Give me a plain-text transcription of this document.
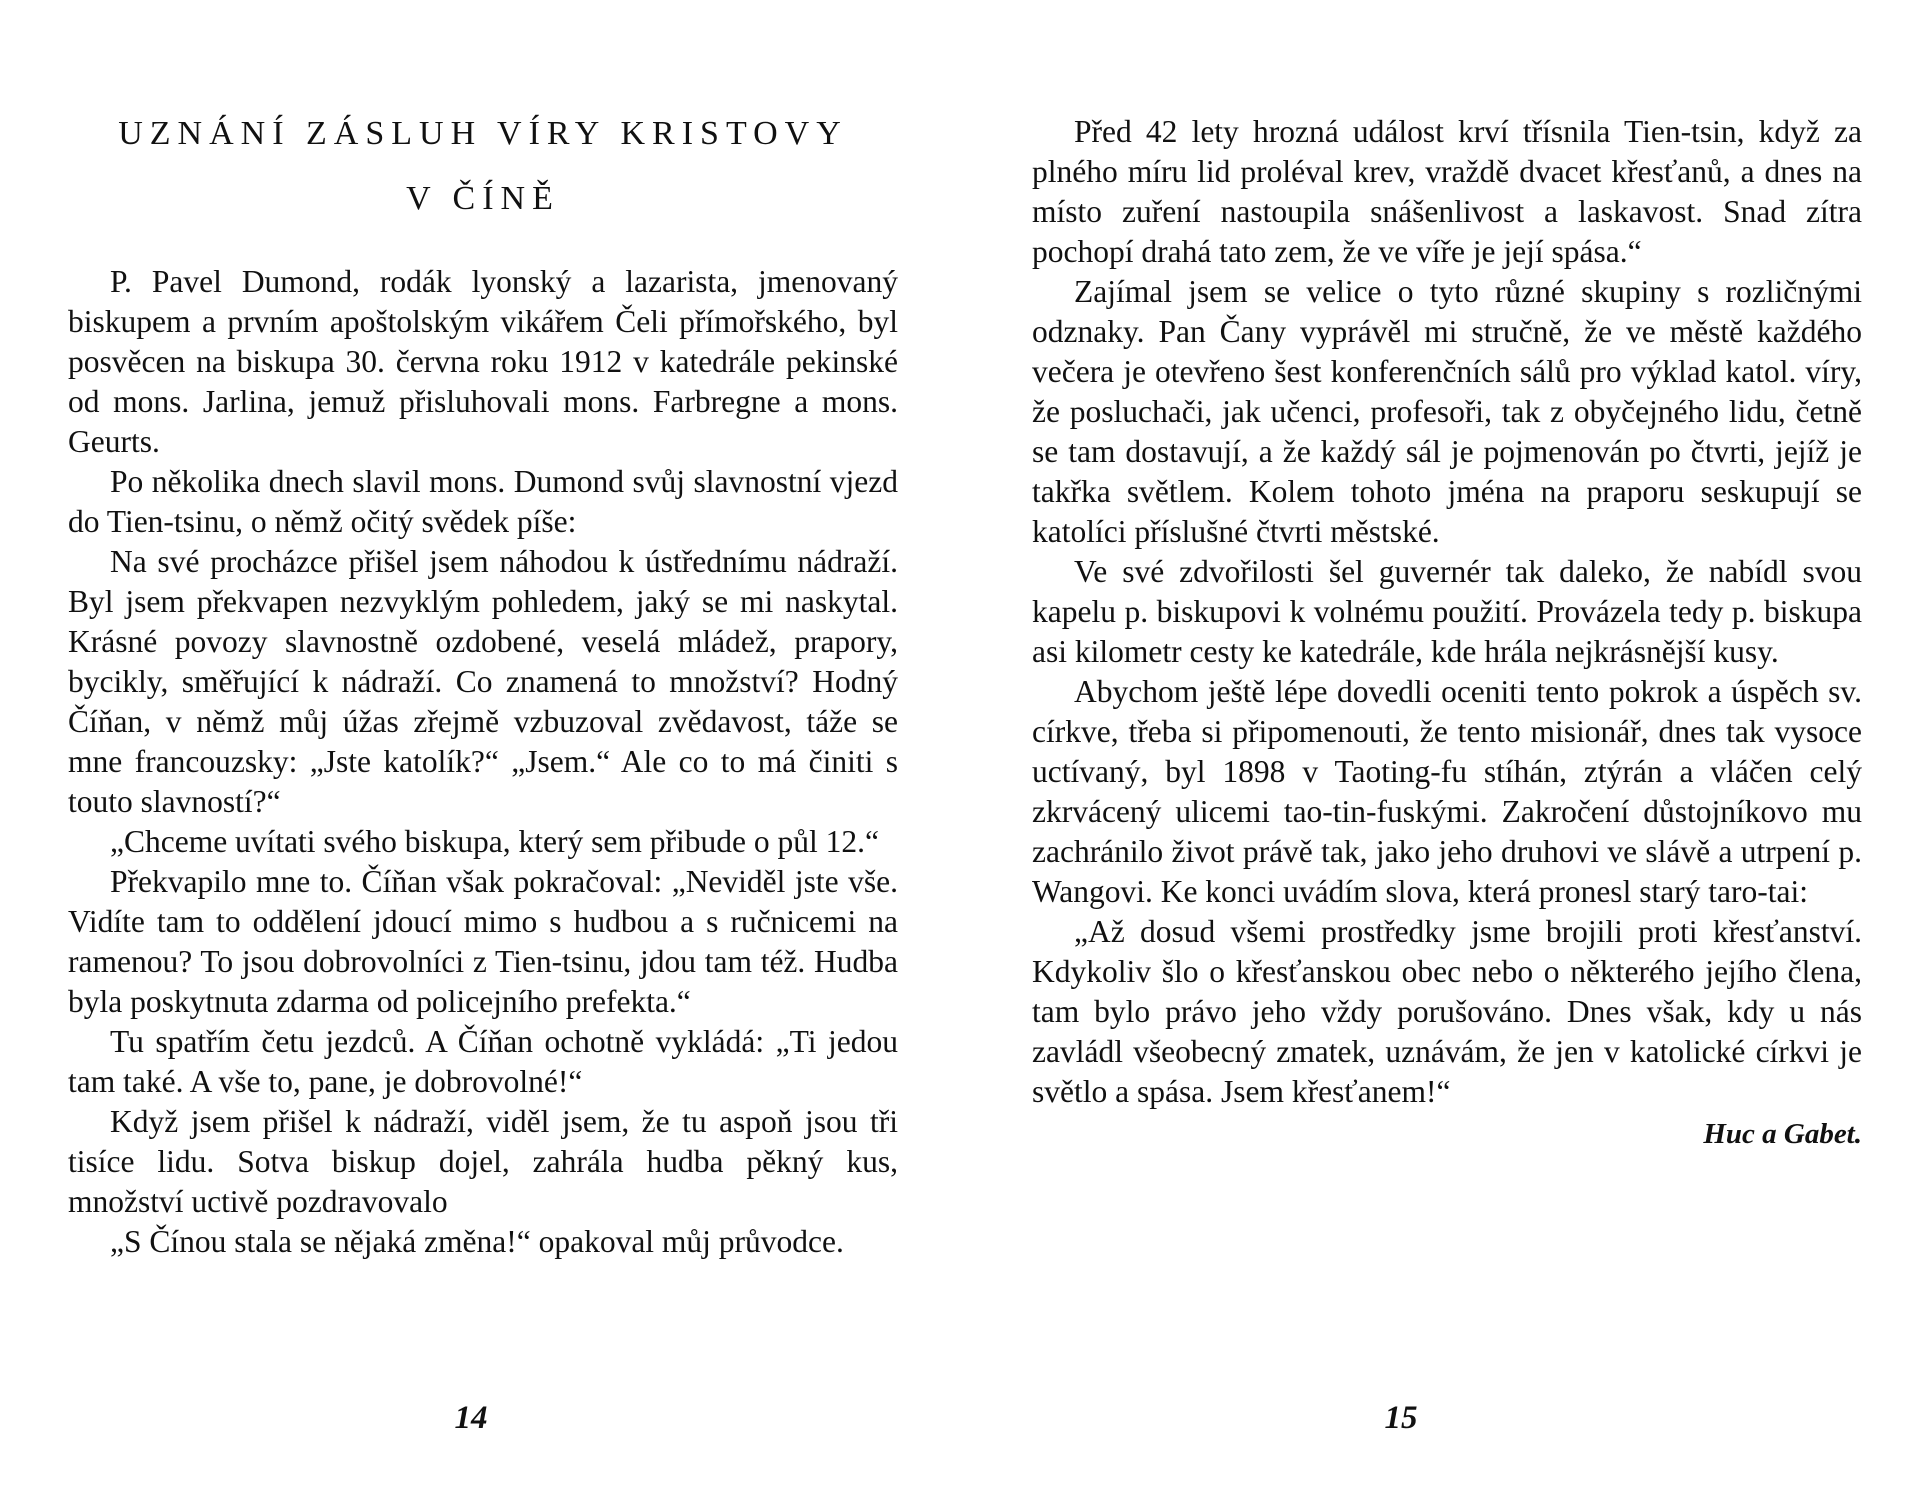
UZNÁNÍ ZÁSLUH VÍRY KRISTOVY
V ČÍNĚ

P. Pavel Dumond, rodák lyonský a lazarista, jmenovaný biskupem a prvním apoštolským vikářem Čeli přímořského, byl posvěcen na biskupa 30. června roku 1912 v katedrále pekinské od mons. Jarlina, jemuž přisluhovali mons. Farbregne a mons. Geurts.

Po několika dnech slavil mons. Dumond svůj slavnostní vjezd do Tien-tsinu, o němž očitý svědek píše:

Na své procházce přišel jsem náhodou k ústřednímu nádraží. Byl jsem překvapen nezvyklým pohledem, jaký se mi naskytal. Krásné povozy slavnostně ozdobené, veselá mládež, prapory, bycikly, směřující k nádraží. Co znamená to množství? Hodný Číňan, v němž můj úžas zřejmě vzbuzoval zvědavost, táže se mne francouzsky: „Jste katolík?“ „Jsem.“ Ale co to má činiti s touto slavností?“

„Chceme uvítati svého biskupa, který sem přibude o půl 12.“

Překvapilo mne to. Číňan však pokračoval: „Neviděl jste vše. Vidíte tam to oddělení jdoucí mimo s hudbou a s ručnicemi na ramenou? To jsou dobrovolníci z Tien-tsinu, jdou tam též. Hudba byla poskytnuta zdarma od policejního prefekta.“

Tu spatřím četu jezdců. A Číňan ochotně vykládá: „Ti jedou tam také. A vše to, pane, je dobrovolné!“

Když jsem přišel k nádraží, viděl jsem, že tu aspoň jsou tři tisíce lidu. Sotva biskup dojel, zahrála hudba pěkný kus, množství uctivě pozdravovalo

„S Čínou stala se nějaká změna!“ opakoval můj průvodce.

14

Před 42 lety hrozná událost krví třísnila Tien-tsin, když za plného míru lid proléval krev, vraždě dvacet křesťanů, a dnes na místo zuření nastoupila snášenlivost a laskavost. Snad zítra pochopí drahá tato zem, že ve víře je její spása.“

Zajímal jsem se velice o tyto různé skupiny s rozličnými odznaky. Pan Čany vyprávěl mi stručně, že ve městě každého večera je otevřeno šest konferenčních sálů pro výklad katol. víry, že posluchači, jak učenci, profesoři, tak z obyčejného lidu, četně se tam dostavují, a že každý sál je pojmenován po čtvrti, jejíž je takřka světlem. Kolem tohoto jména na praporu seskupují se katolíci příslušné čtvrti městské.

Ve své zdvořilosti šel guvernér tak daleko, že nabídl svou kapelu p. biskupovi k volnému použití. Provázela tedy p. biskupa asi kilometr cesty ke katedrále, kde hrála nejkrásnější kusy.

Abychom ještě lépe dovedli oceniti tento pokrok a úspěch sv. církve, třeba si připomenouti, že tento misionář, dnes tak vysoce uctívaný, byl 1898 v Taoting-fu stíhán, ztýrán a vláčen celý zkrvácený ulicemi tao-tin-fuskými. Zakročení důstojníkovo mu zachránilo život právě tak, jako jeho druhovi ve slávě a utrpení p. Wangovi. Ke konci uvádím slova, která pronesl starý taro-tai:

„Až dosud všemi prostředky jsme brojili proti křesťanství. Kdykoliv šlo o křesťanskou obec nebo o některého jejího člena, tam bylo právo jeho vždy porušováno. Dnes však, kdy u nás zavládl všeobecný zmatek, uznávám, že jen v katolické církvi je světlo a spása. Jsem křesťanem!“

Huc a Gabet.
15
